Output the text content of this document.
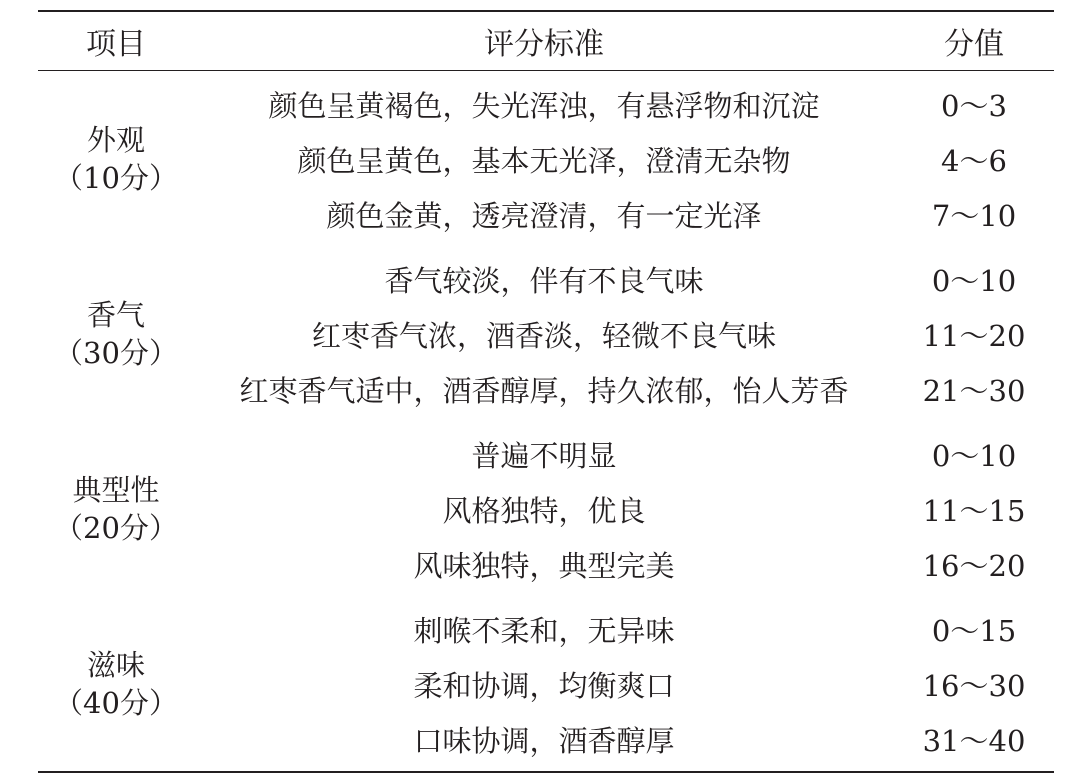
项目	评分标准	分值

外观
（10分）	颜色呈黄褐色，失光浑浊，有悬浮物和沉淀	0～3
	颜色呈黄色，基本无光泽，澄清无杂物	4～6
	颜色金黄，透亮澄清，有一定光泽	7～10

香气
（30分）	香气较淡，伴有不良气味	0～10
	红枣香气浓，酒香淡，轻微不良气味	11～20
	红枣香气适中，酒香醇厚，持久浓郁，怡人芳香	21～30

典型性
（20分）	普遍不明显	0～10
	风格独特，优良	11～15
	风味独特，典型完美	16～20

滋味
（40分）	刺喉不柔和，无异味	0～15
	柔和协调，均衡爽口	16～30
	口味协调，酒香醇厚	31～40
